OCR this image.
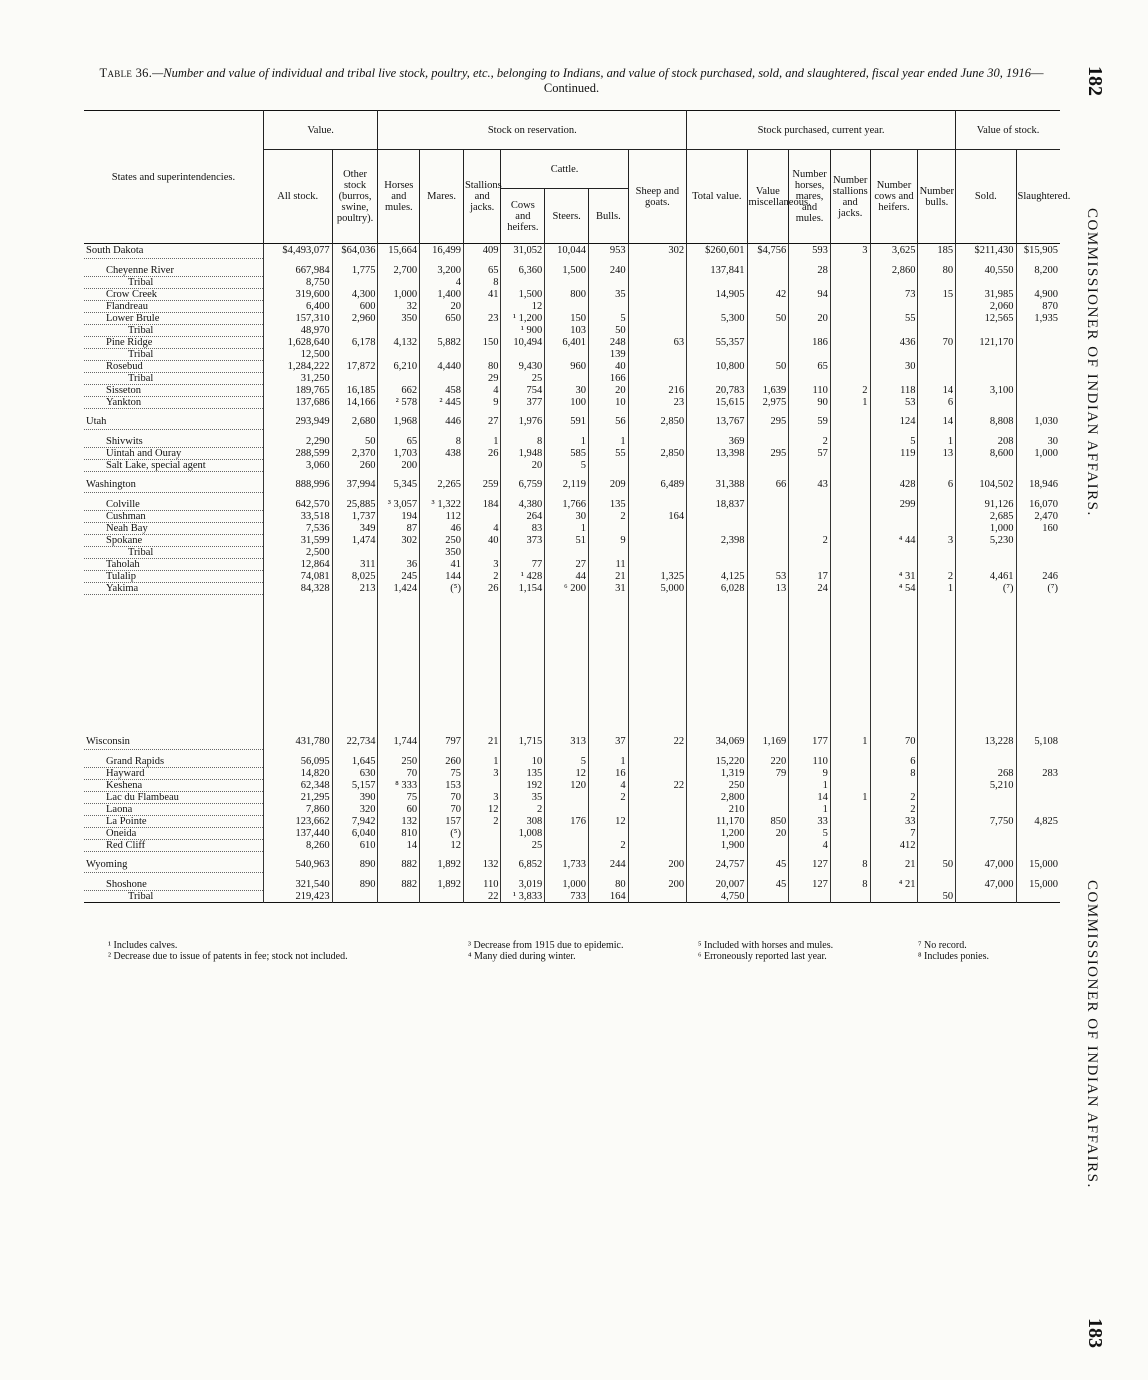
Table 36.—Number and value of individual and tribal live stock, poultry, etc., belonging to Indians, and value of stock purchased, sold, and slaughtered, fiscal year ended June 30, 1916—Continued.	182
183
COMMISSIONER OF INDIAN AFFAIRS.
COMMISSIONER OF INDIAN AFFAIRS.
States and superintendencies.	Value.		Stock on reservation.							Stock purchased, current year.						Value of stock.	
	All stock.	Other stock (burros, swine, poultry).	Horses and mules.	Mares.	Stallions and jacks.	Cattle.			Sheep and goats.	Total value.	Value miscellaneous.	Number horses, mares, and mules.	Number stallions and jacks.	Number cows and heifers.	Number bulls.	Sold.	Slaughtered.
						Cows and heifers.	Steers.	Bulls.									
South Dakota	$4,493,077	$64,036	15,664	16,499	409	31,052	10,044	953	302	$260,601	$4,756	593	3	3,625	185	$211,430	$15,905

Cheyenne River	667,984	1,775	2,700	3,200	65	6,360	1,500	240		137,841		28		2,860	80	40,550	8,200
Tribal	8,750			4	8												
Crow Creek	319,600	4,300	1,000	1,400	41	1,500	800	35		14,905	42	94		73	15	31,985	4,900
Flandreau	6,400	600	32	20		12										2,060	870
Lower Brule	157,310	2,960	350	650	23	¹ 1,200	150	5		5,300	50	20		55		12,565	1,935
Tribal	48,970					¹ 900	103	50									
Pine Ridge	1,628,640	6,178	4,132	5,882	150	10,494	6,401	248	63	55,357		186		436	70	121,170	
Tribal	12,500							139									
Rosebud	1,284,222	17,872	6,210	4,440	80	9,430	960	40		10,800	50	65		30			
Tribal	31,250				29	25		166									
Sisseton	189,765	16,185	662	458	4	754	30	20	216	20,783	1,639	110	2	118	14	3,100	
Yankton	137,686	14,166	² 578	² 445	9	377	100	10	23	15,615	2,975	90	1	53	6		

Utah	293,949	2,680	1,968	446	27	1,976	591	56	2,850	13,767	295	59		124	14	8,808	1,030

Shivwits	2,290	50	65	8	1	8	1	1		369		2		5	1	208	30
Uintah and Ouray	288,599	2,370	1,703	438	26	1,948	585	55	2,850	13,398	295	57		119	13	8,600	1,000
Salt Lake, special agent	3,060	260	200			20	5										

Washington	888,996	37,994	5,345	2,265	259	6,759	2,119	209	6,489	31,388	66	43		428	6	104,502	18,946

Colville	642,570	25,885	³ 3,057	³ 1,322	184	4,380	1,766	135		18,837				299		91,126	16,070
Cushman	33,518	1,737	194	112		264	30	2	164							2,685	2,470
Neah Bay	7,536	349	87	46	4	83	1									1,000	160
Spokane	31,599	1,474	302	250	40	373	51	9		2,398		2		⁴ 44	3	5,230	
Tribal	2,500			350													
Taholah	12,864	311	36	41	3	77	27	11									
Tulalip	74,081	8,025	245	144	2	¹ 428	44	21	1,325	4,125	53	17		⁴ 31	2	4,461	246
Yakima	84,328	213	1,424	(⁵)	26	1,154	⁶ 200	31	5,000	6,028	13	24		⁴ 54	1	(⁷)	(⁷)

Wisconsin	431,780	22,734	1,744	797	21	1,715	313	37	22	34,069	1,169	177	1	70		13,228	5,108

Grand Rapids	56,095	1,645	250	260	1	10	5	1		15,220	220	110		6			
Hayward	14,820	630	70	75	3	135	12	16		1,319	79	9		8		268	283
Keshena	62,348	5,157	⁸ 333	153		192	120	4	22	250		1				5,210	
Lac du Flambeau	21,295	390	75	70	3	35		2		2,800		14	1	2			
Laona	7,860	320	60	70	12	2				210		1		2			
La Pointe	123,662	7,942	132	157	2	308	176	12		11,170	850	33		33		7,750	4,825
Oneida	137,440	6,040	810	(⁵)		1,008				1,200	20	5		7			
Red Cliff	8,260	610	14	12		25		2		1,900		4		412			

Wyoming	540,963	890	882	1,892	132	6,852	1,733	244	200	24,757	45	127	8	21	50	47,000	15,000

Shoshone	321,540	890	882	1,892	110	3,019	1,000	80	200	20,007	45	127	8	⁴ 21		47,000	15,000
Tribal	219,423				22	¹ 3,833	733	164		4,750					50		
¹ Includes calves.
² Decrease due to issue of patents in fee; stock not included.
³ Decrease from 1915 due to epidemic.
⁴ Many died during winter.
⁵ Included with horses and mules.
⁶ Erroneously reported last year.
⁷ No record.
⁸ Includes ponies.
